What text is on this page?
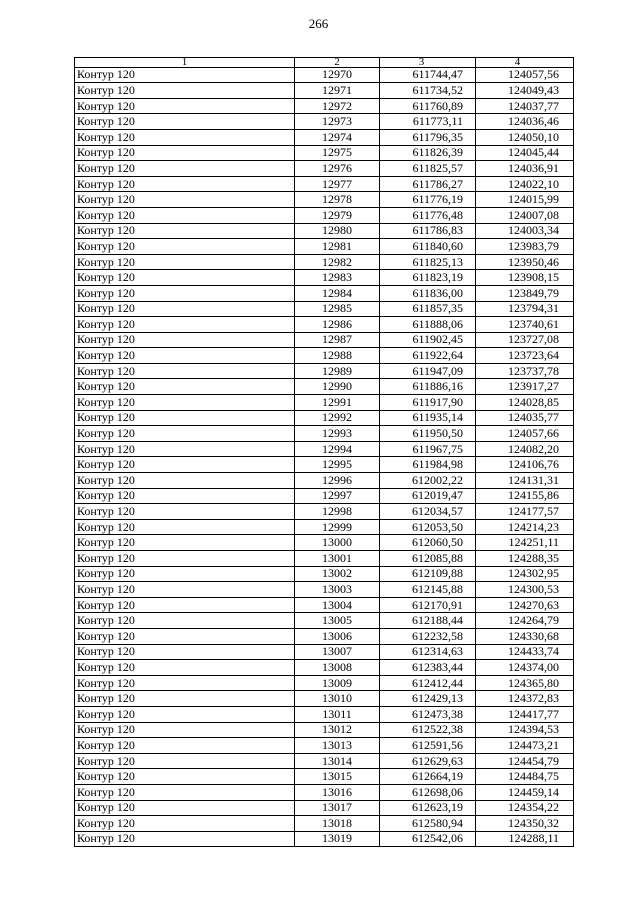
266
1	2	3	4
Контур 120	12970	611744,47	124057,56
Контур 120	12971	611734,52	124049,43
Контур 120	12972	611760,89	124037,77
Контур 120	12973	611773,11	124036,46
Контур 120	12974	611796,35	124050,10
Контур 120	12975	611826,39	124045,44
Контур 120	12976	611825,57	124036,91
Контур 120	12977	611786,27	124022,10
Контур 120	12978	611776,19	124015,99
Контур 120	12979	611776,48	124007,08
Контур 120	12980	611786,83	124003,34
Контур 120	12981	611840,60	123983,79
Контур 120	12982	611825,13	123950,46
Контур 120	12983	611823,19	123908,15
Контур 120	12984	611836,00	123849,79
Контур 120	12985	611857,35	123794,31
Контур 120	12986	611888,06	123740,61
Контур 120	12987	611902,45	123727,08
Контур 120	12988	611922,64	123723,64
Контур 120	12989	611947,09	123737,78
Контур 120	12990	611886,16	123917,27
Контур 120	12991	611917,90	124028,85
Контур 120	12992	611935,14	124035,77
Контур 120	12993	611950,50	124057,66
Контур 120	12994	611967,75	124082,20
Контур 120	12995	611984,98	124106,76
Контур 120	12996	612002,22	124131,31
Контур 120	12997	612019,47	124155,86
Контур 120	12998	612034,57	124177,57
Контур 120	12999	612053,50	124214,23
Контур 120	13000	612060,50	124251,11
Контур 120	13001	612085,88	124288,35
Контур 120	13002	612109,88	124302,95
Контур 120	13003	612145,88	124300,53
Контур 120	13004	612170,91	124270,63
Контур 120	13005	612188,44	124264,79
Контур 120	13006	612232,58	124330,68
Контур 120	13007	612314,63	124433,74
Контур 120	13008	612383,44	124374,00
Контур 120	13009	612412,44	124365,80
Контур 120	13010	612429,13	124372,83
Контур 120	13011	612473,38	124417,77
Контур 120	13012	612522,38	124394,53
Контур 120	13013	612591,56	124473,21
Контур 120	13014	612629,63	124454,79
Контур 120	13015	612664,19	124484,75
Контур 120	13016	612698,06	124459,14
Контур 120	13017	612623,19	124354,22
Контур 120	13018	612580,94	124350,32
Контур 120	13019	612542,06	124288,11
